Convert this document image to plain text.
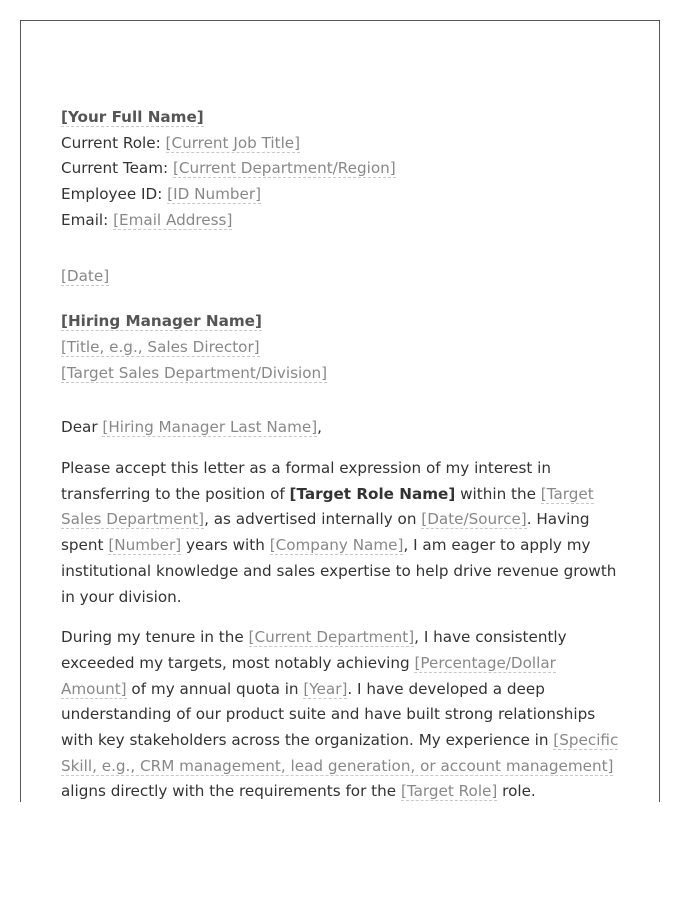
[Your Full Name]
Current Role: [Current Job Title]
Current Team: [Current Department/Region]
Employee ID: [ID Number]
Email: [Email Address]
[Date]
[Hiring Manager Name]
[Title, e.g., Sales Director]
[Target Sales Department/Division]
Dear [Hiring Manager Last Name],

Please accept this letter as a formal expression of my interest in transferring to the position of [Target Role Name] within the [Target Sales Department], as advertised internally on [Date/Source]. Having spent [Number] years with [Company Name], I am eager to apply my institutional knowledge and sales expertise to help drive revenue growth in your division.

During my tenure in the [Current Department], I have consistently exceeded my targets, most notably achieving [Percentage/Dollar Amount] of my annual quota in [Year]. I have developed a deep understanding of our product suite and have built strong relationships with key stakeholders across the organization. My experience in [Specific Skill, e.g., CRM management, lead generation, or account management] aligns directly with the requirements for the [Target Role] role.
